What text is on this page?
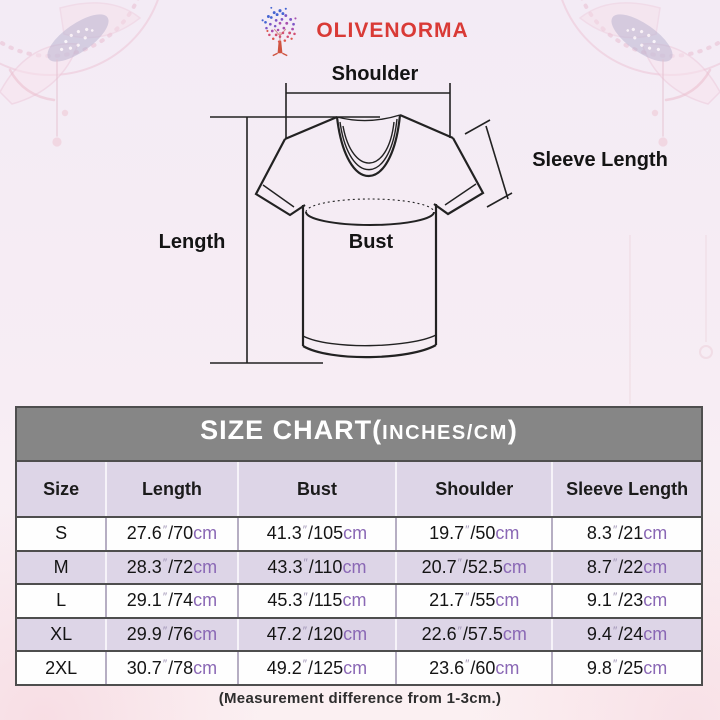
OLIVENORMA
Shoulder
Sleeve Length
Length	Bust
SIZE CHART( INCHES/CM )
Size	Length	Bust	Shoulder	Sleeve Length
S	27.6 ″ / 70 cm	41.3 ″ / 105 cm	19.7 ″ / 50 cm	8.3 ″ / 21 cm
M	28.3 ″ / 72 cm	43.3 ″ / 110 cm	20.7 ″ / 52.5 cm	8.7 ″ / 22 cm
L	29.1 ″ / 74 cm	45.3 ″ / 115 cm	21.7 ″ / 55 cm	9.1 ″ / 23 cm
XL	29.9 ″ / 76 cm	47.2 ″ / 120 cm	22.6 ″ / 57.5 cm	9.4 ″ / 24 cm
2XL	30.7 ″ / 78 cm	49.2 ″ / 125 cm	23.6 ″ / 60 cm	9.8 ″ / 25 cm
(Measurement difference from 1-3cm.)
